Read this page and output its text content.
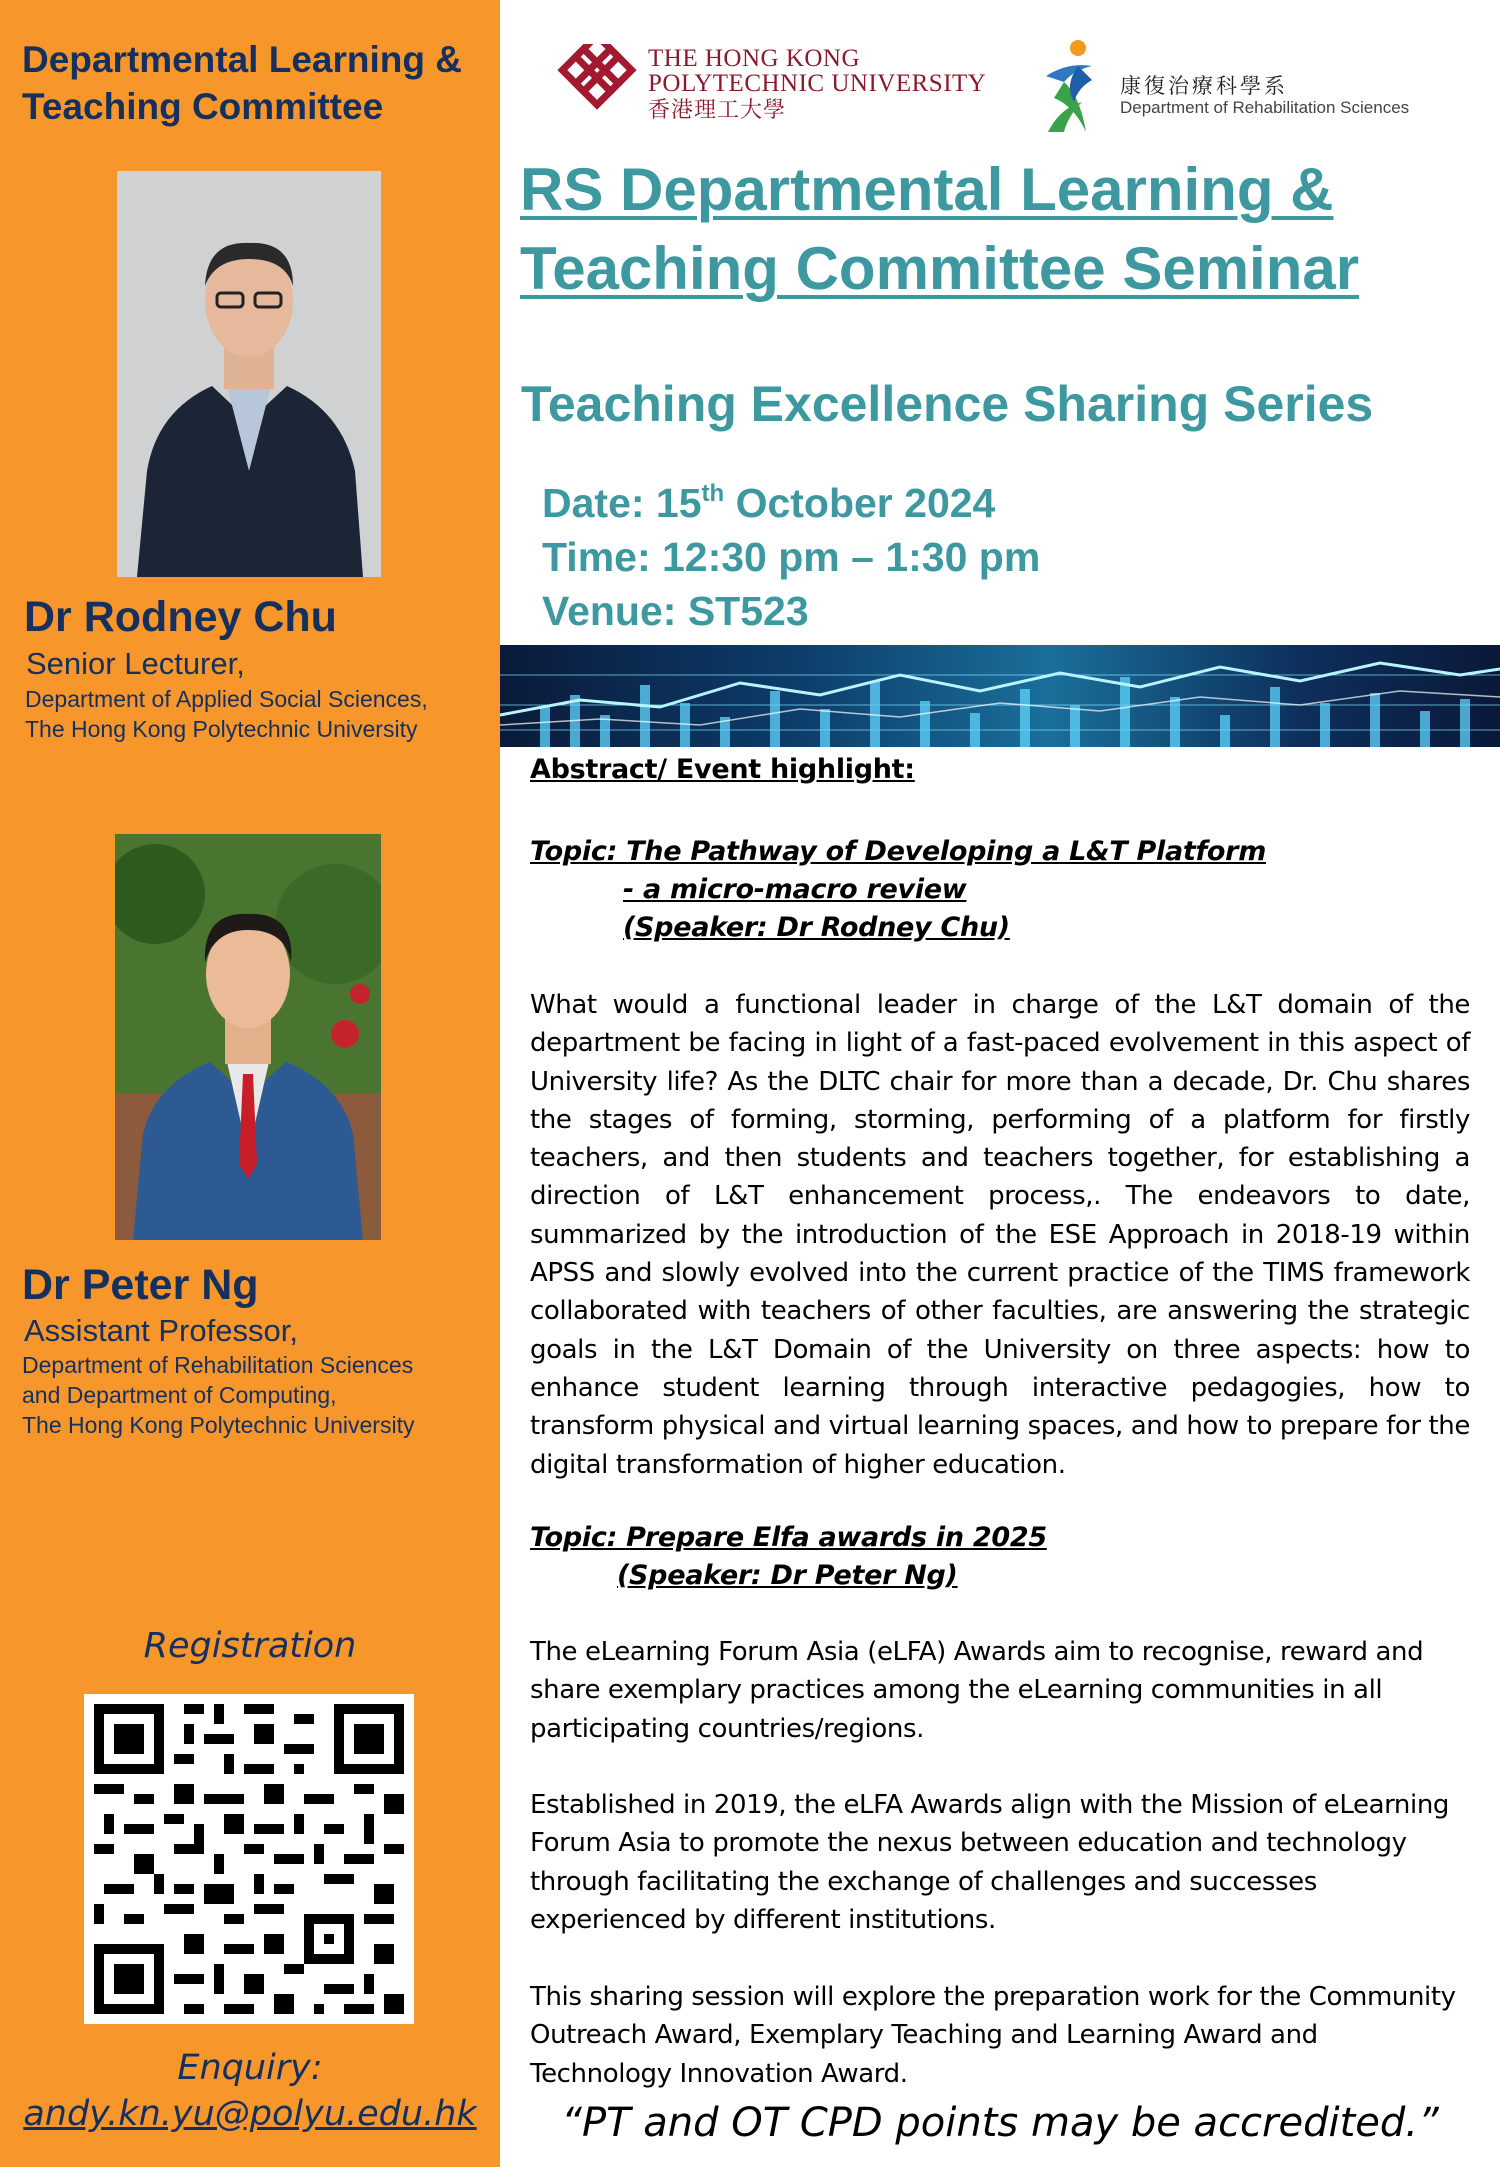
Departmental Learning & Teaching Committee
Dr Rodney Chu
Senior Lecturer,
Department of Applied Social Sciences,
The Hong Kong Polytechnic University
Dr Peter Ng
Assistant Professor,
Department of Rehabilitation Sciences
and Department of Computing,
The Hong Kong Polytechnic University
Registration
Enquiry:
andy.kn.yu@polyu.edu.hk
THE HONG KONG
POLYTECHNIC UNIVERSITY
香港理工大學
康復治療科學系
Department of Rehabilitation Sciences
RS Departmental Learning &
Teaching Committee Seminar
Teaching Excellence Sharing Series
Date: 15th October 2024
Time: 12:30 pm – 1:30 pm
Venue: ST523
Abstract/ Event highlight:
Topic: The Pathway of Developing a L&T Platform
- a micro-macro review
(Speaker: Dr Rodney Chu)
What would a functional leader in charge of the L&T domain of the department be facing in light of a fast-paced evolvement in this aspect of University life? As the DLTC chair for more than a decade, Dr. Chu shares the stages of forming, storming, performing of a platform for firstly teachers, and then students and teachers together, for establishing a direction of L&T enhancement process,. The endeavors to date, summarized by the introduction of the ESE Approach in 2018-19 within APSS and slowly evolved into the current practice of the TIMS framework collaborated with teachers of other faculties, are answering the strategic goals in the L&T Domain of the University on three aspects: how to enhance student learning through interactive pedagogies, how to transform physical and virtual learning spaces, and how to prepare for the digital transformation of higher education.
Topic: Prepare Elfa awards in 2025
(Speaker: Dr Peter Ng)
The eLearning Forum Asia (eLFA) Awards aim to recognise, reward and share exemplary practices among the eLearning communities in all participating countries/regions.
Established in 2019, the eLFA Awards align with the Mission of eLearning Forum Asia to promote the nexus between education and technology through facilitating the exchange of challenges and successes experienced by different institutions.
This sharing session will explore the preparation work for the Community Outreach Award, Exemplary Teaching and Learning Award and Technology Innovation Award.
“PT and OT CPD points may be accredited.”
